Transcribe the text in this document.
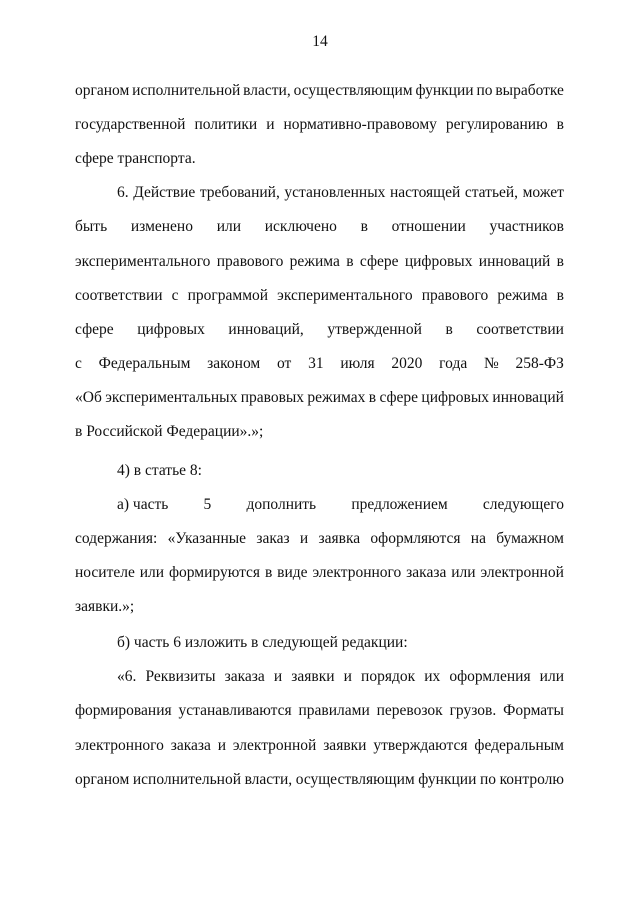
14
органом исполнительной власти, осуществляющим функции по выработке
государственной политики и нормативно-правовому регулированию в
сфере транспорта.
6. Действие требований, установленных настоящей статьей, может
быть изменено или исключено в отношении участников
экспериментального правового режима в сфере цифровых инноваций в
соответствии с программой экспериментального правового режима в
сфере цифровых инноваций, утвержденной в соответствии
с Федеральным законом от 31 июля 2020 года № 258-ФЗ
«Об экспериментальных правовых режимах в сфере цифровых инноваций
в Российской Федерации».»;
4) в статье 8:
а) часть 5 дополнить предложением следующего
содержания: «Указанные заказ и заявка оформляются на бумажном
носителе или формируются в виде электронного заказа или электронной
заявки.»;
б) часть 6 изложить в следующей редакции:
«6. Реквизиты заказа и заявки и порядок их оформления или
формирования устанавливаются правилами перевозок грузов. Форматы
электронного заказа и электронной заявки утверждаются федеральным
органом исполнительной власти, осуществляющим функции по контролю
